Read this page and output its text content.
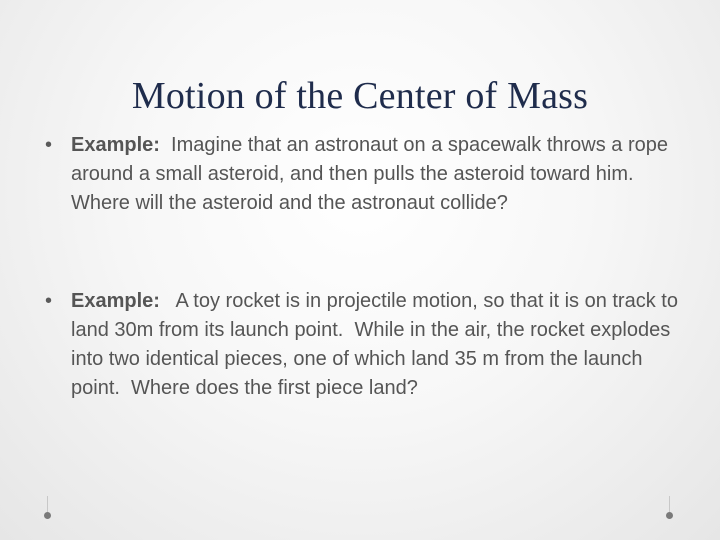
Motion of the Center of Mass
• Example:  Imagine that an astronaut on a spacewalk throws a rope around a small asteroid, and then pulls the asteroid toward him.   Where will the asteroid and the astronaut collide?
• Example:   A toy rocket is in projectile motion, so that it is on track to land 30m from its launch point.  While in the air, the rocket explodes into two identical pieces, one of which land 35 m from the launch point.  Where does the first piece land?
